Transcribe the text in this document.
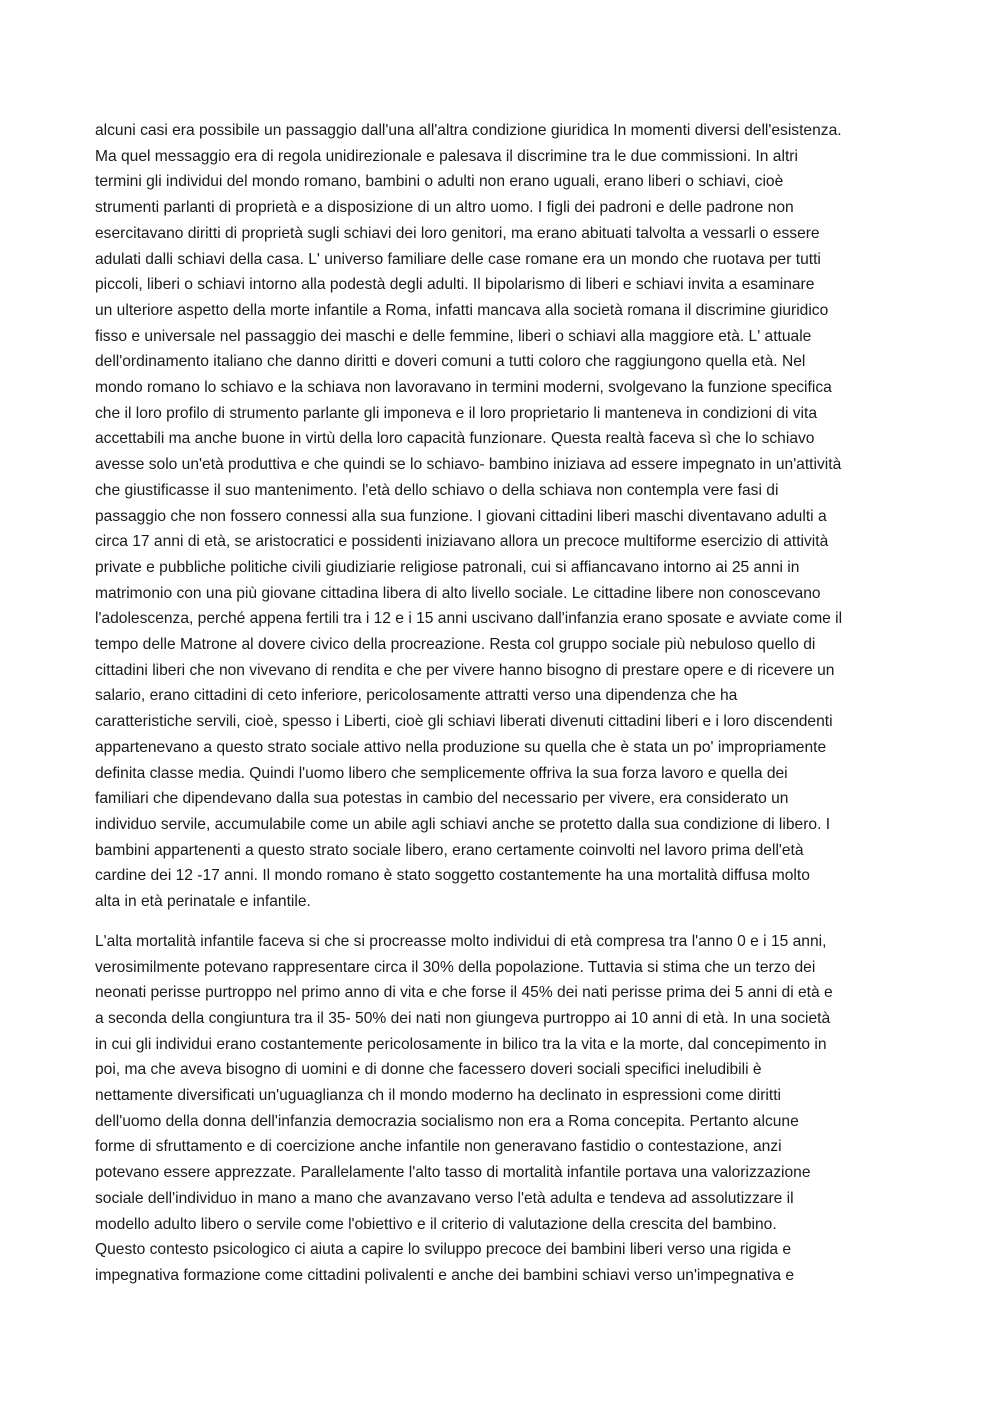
alcuni casi era possibile un passaggio dall'una all'altra condizione giuridica In momenti diversi dell'esistenza.
Ma quel messaggio era di regola unidirezionale e palesava il discrimine tra le due commissioni. In altri
termini gli individui del mondo romano, bambini o adulti non erano uguali, erano liberi o schiavi, cioè
strumenti parlanti di proprietà e a disposizione di un altro uomo. I figli dei padroni e delle padrone non
esercitavano diritti di proprietà sugli schiavi dei loro genitori, ma erano abituati talvolta a vessarli o essere
adulati dalli schiavi della casa. L' universo familiare delle case romane era un mondo che ruotava per tutti
piccoli, liberi o schiavi intorno alla podestà degli adulti. Il bipolarismo di liberi e schiavi invita a esaminare
un ulteriore aspetto della morte infantile a Roma, infatti mancava alla società romana il discrimine giuridico
fisso e universale nel passaggio dei maschi e delle femmine, liberi o schiavi alla maggiore età. L' attuale
dell'ordinamento italiano che danno diritti e doveri comuni a tutti coloro che raggiungono quella età. Nel
mondo romano lo schiavo e la schiava non lavoravano in termini moderni, svolgevano la funzione specifica
che il loro profilo di strumento parlante gli imponeva e il loro proprietario li manteneva in condizioni di vita
accettabili ma anche buone in virtù della loro capacità funzionare. Questa realtà faceva sì che lo schiavo
avesse solo un'età produttiva e che quindi se lo schiavo- bambino iniziava ad essere impegnato in un'attività
che giustificasse il suo mantenimento. l'età dello schiavo o della schiava non contempla vere fasi di
passaggio che non fossero connessi alla sua funzione. I giovani cittadini liberi maschi diventavano adulti a
circa 17 anni di età, se aristocratici e possidenti iniziavano allora un precoce multiforme esercizio di attività
private e pubbliche politiche civili giudiziarie religiose patronali, cui si affiancavano intorno ai 25 anni in
matrimonio con una più giovane cittadina libera di alto livello sociale. Le cittadine libere non conoscevano
l'adolescenza, perché appena fertili tra i 12 e i 15 anni uscivano dall'infanzia erano sposate e avviate come il
tempo delle Matrone al dovere civico della procreazione. Resta col gruppo sociale più nebuloso quello di
cittadini liberi che non vivevano di rendita e che per vivere hanno bisogno di prestare opere e di ricevere un
salario, erano cittadini di ceto inferiore, pericolosamente attratti verso una dipendenza che ha
caratteristiche servili, cioè, spesso i Liberti, cioè gli schiavi liberati divenuti cittadini liberi e i loro discendenti
appartenevano a questo strato sociale attivo nella produzione su quella che è stata un po' impropriamente
definita classe media. Quindi l'uomo libero che semplicemente offriva la sua forza lavoro e quella dei
familiari che dipendevano dalla sua potestas in cambio del necessario per vivere, era considerato un
individuo servile, accumulabile come un abile agli schiavi anche se protetto dalla sua condizione di libero. I
bambini appartenenti a questo strato sociale libero, erano certamente coinvolti nel lavoro prima dell'età
cardine dei 12 -17 anni. Il mondo romano è stato soggetto costantemente ha una mortalità diffusa molto
alta in età perinatale e infantile.

L'alta mortalità infantile faceva si che si procreasse molto individui di età compresa tra l'anno 0 e i 15 anni,
verosimilmente potevano rappresentare circa il 30% della popolazione. Tuttavia si stima che un terzo dei
neonati perisse purtroppo nel primo anno di vita e che forse il 45% dei nati perisse prima dei 5 anni di età e
a seconda della congiuntura tra il 35- 50% dei nati non giungeva purtroppo ai 10 anni di età. In una società
in cui gli individui erano costantemente pericolosamente in bilico tra la vita e la morte, dal concepimento in
poi, ma che aveva bisogno di uomini e di donne che facessero doveri sociali specifici ineludibili è
nettamente diversificati un'uguaglianza ch il mondo moderno ha declinato in espressioni come diritti
dell'uomo della donna dell'infanzia democrazia socialismo non era a Roma concepita. Pertanto alcune
forme di sfruttamento e di coercizione anche infantile non generavano fastidio o contestazione, anzi
potevano essere apprezzate. Parallelamente l'alto tasso di mortalità infantile portava una valorizzazione
sociale dell'individuo in mano a mano che avanzavano verso l'età adulta e tendeva ad assolutizzare il
modello adulto libero o servile come l'obiettivo e il criterio di valutazione della crescita del bambino.
Questo contesto psicologico ci aiuta a capire lo sviluppo precoce dei bambini liberi verso una rigida e
impegnativa formazione come cittadini polivalenti e anche dei bambini schiavi verso un'impegnativa e
